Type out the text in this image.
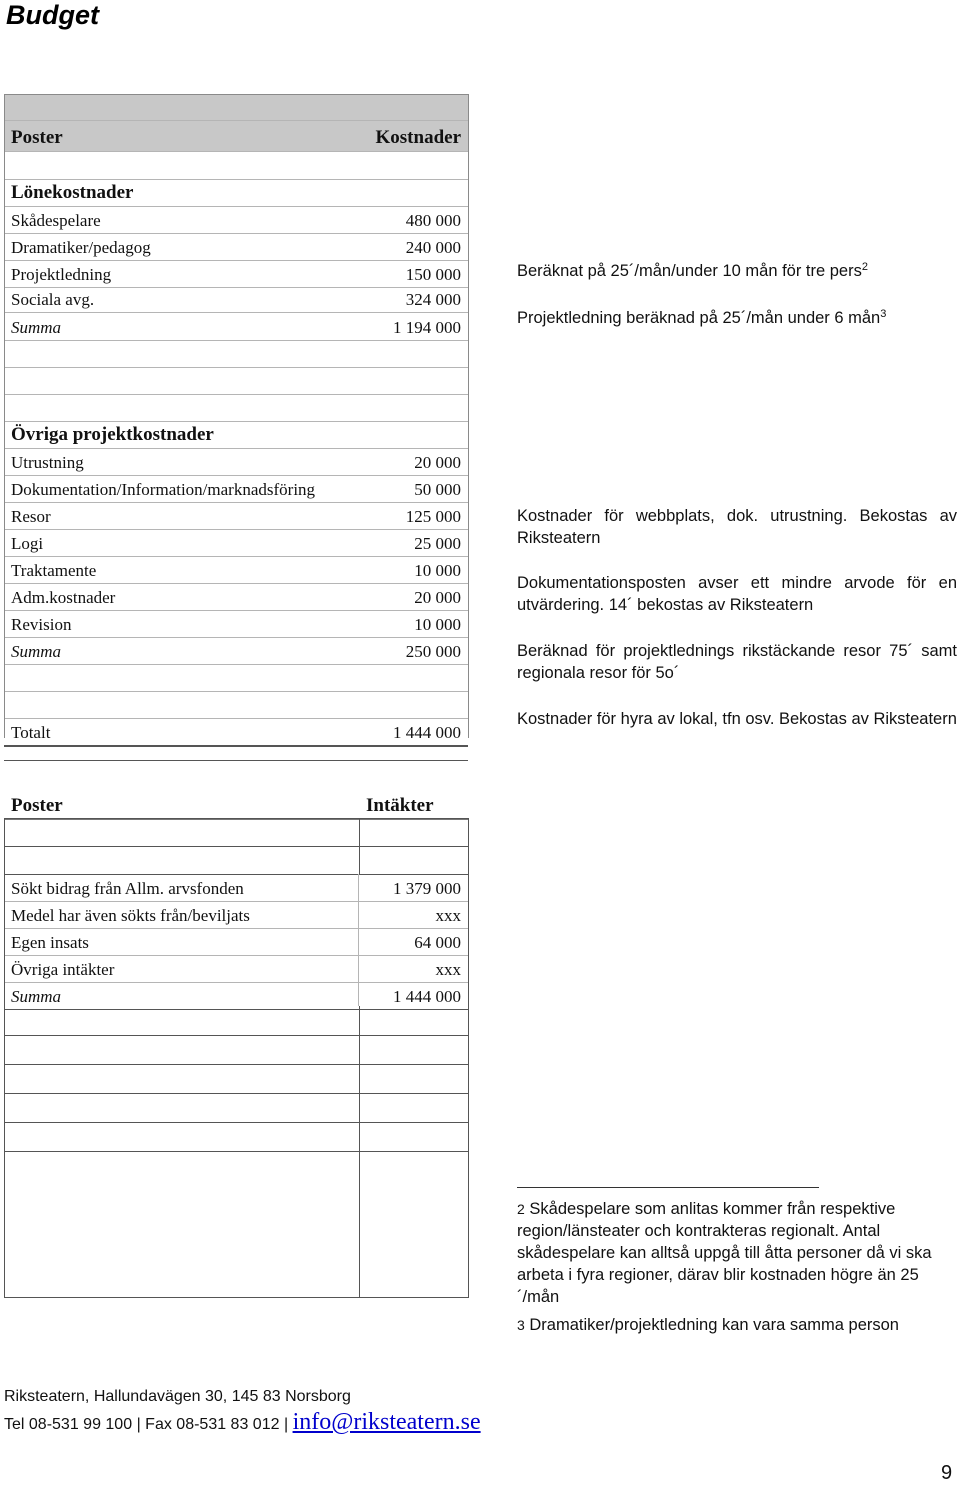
Budget
Poster	Kostnader
Lönekostnader
Skådespelare	480 000
Dramatiker/pedagog	240 000
Projektledning	150 000
Sociala avg.	324 000
Summa	1 194 000
Övriga projektkostnader
Utrustning	20 000
Dokumentation/Information/marknadsföring	50 000
Resor	125 000
Logi	25 000
Traktamente	10 000
Adm.kostnader	20 000
Revision	10 000
Summa	250 000
Totalt	1 444 000
Beräknat på 25´/mån/under 10 mån för tre pers$^2$
Projektledning beräknad på 25´/mån under 6 mån$^3$
Kostnader för webbplats, dok. utrustning. Bekostas av Riksteatern
Dokumentationsposten avser ett mindre arvode för en utvärdering. 14´ bekostas av Riksteatern
Beräknad för projektlednings rikstäckande resor 75´ samt regionala resor för 5o´
Kostnader för hyra av lokal, tfn osv. Bekostas av Riksteatern
Poster	Intäkter
Sökt bidrag från Allm. arvsfonden	1 379 000
Medel har även sökts från/beviljats	xxx
Egen insats	64 000
Övriga intäkter	xxx
Summa	1 444 000
$^2$ Skådespelare som anlitas kommer från respektive region/länsteater och kontrakteras regionalt. Antal skådespelare kan alltså uppgå till åtta personer då vi ska arbeta i fyra regioner, därav blir kostnaden högre än 25´/mån
$^3$ Dramatiker/projektledning kan vara samma person
Riksteatern, Hallundavägen 30, 145 83 Norsborg
Tel 08-531 99 100 | Fax 08-531 83 012 | info@riksteatern.se
9
